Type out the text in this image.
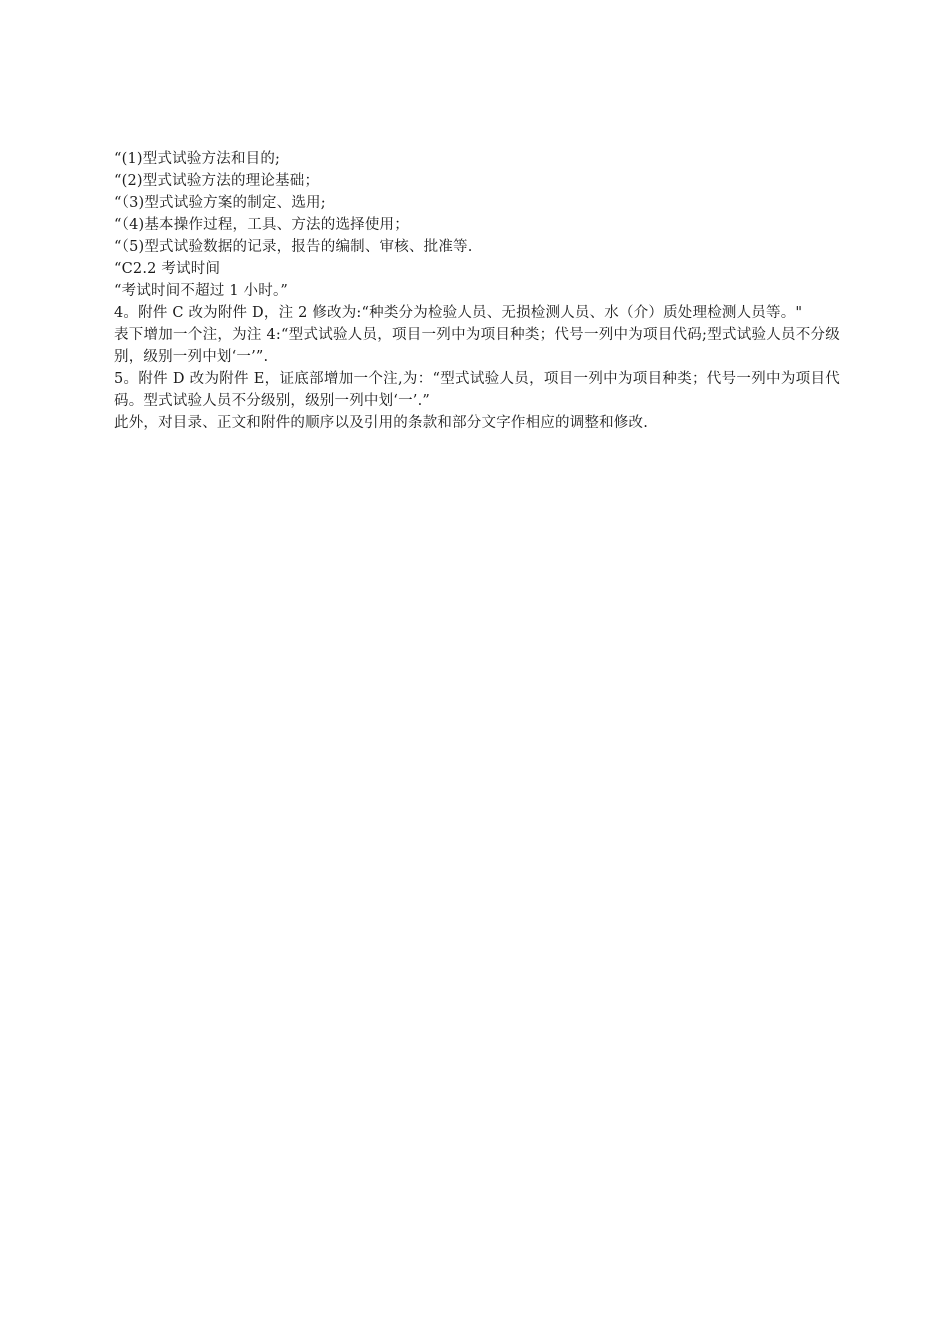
“(1)型式试验方法和目的;

“(2)型式试验方法的理论基础；

“（3)型式试验方案的制定、选用;

“（4)基本操作过程，工具、方法的选择使用；

“（5)型式试验数据的记录，报告的编制、审核、批准等.

“C2.2 考试时间

“考试时间不超过 1 小时。”

4。附件 C 改为附件 D，注 2 修改为:“种类分为检验人员、无损检测人员、水（介）质处理检测人员等。"

表下增加一个注，为注 4:“型式试验人员，项目一列中为项目种类；代号一列中为项目代码;型式试验人员不分级别，级别一列中划‘一’”.

5。附件 D 改为附件 E，证底部增加一个注,为：“型式试验人员，项目一列中为项目种类；代号一列中为项目代码。型式试验人员不分级别，级别一列中划‘一’.”

此外，对目录、正文和附件的顺序以及引用的条款和部分文字作相应的调整和修改.
